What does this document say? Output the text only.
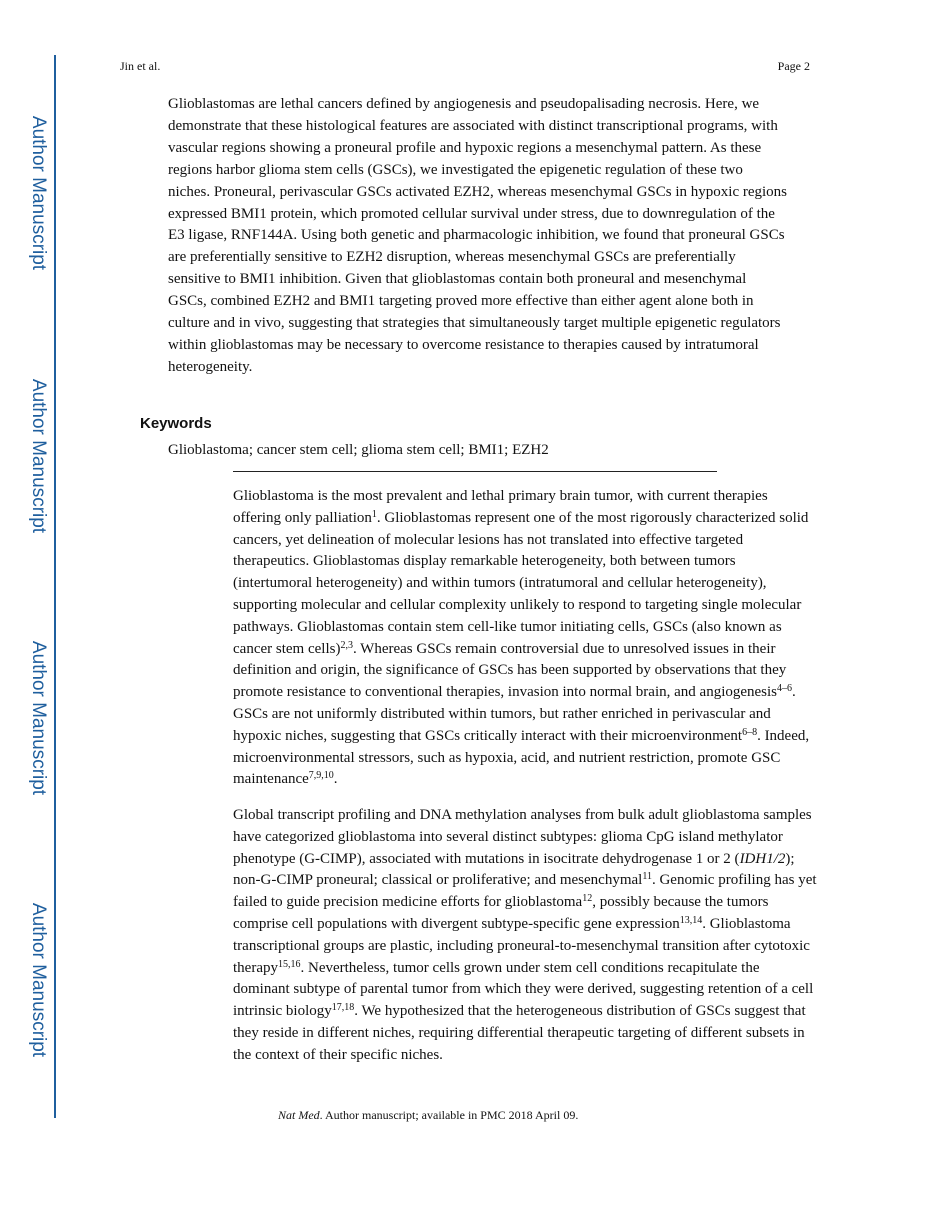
Author Manuscript
Author Manuscript
Author Manuscript
Author Manuscript
Jin et al.	Page 2

Glioblastomas are lethal cancers defined by angiogenesis and pseudopalisading necrosis. Here, we demonstrate that these histological features are associated with distinct transcriptional programs, with vascular regions showing a proneural profile and hypoxic regions a mesenchymal pattern. As these regions harbor glioma stem cells (GSCs), we investigated the epigenetic regulation of these two niches. Proneural, perivascular GSCs activated EZH2, whereas mesenchymal GSCs in hypoxic regions expressed BMI1 protein, which promoted cellular survival under stress, due to downregulation of the E3 ligase, RNF144A. Using both genetic and pharmacologic inhibition, we found that proneural GSCs are preferentially sensitive to EZH2 disruption, whereas mesenchymal GSCs are preferentially sensitive to BMI1 inhibition. Given that glioblastomas contain both proneural and mesenchymal GSCs, combined EZH2 and BMI1 targeting proved more effective than either agent alone both in culture and in vivo, suggesting that strategies that simultaneously target multiple epigenetic regulators within glioblastomas may be necessary to overcome resistance to therapies caused by intratumoral heterogeneity.

Keywords

Glioblastoma; cancer stem cell; glioma stem cell; BMI1; EZH2

Glioblastoma is the most prevalent and lethal primary brain tumor, with current therapies offering only palliation$^1$. Glioblastomas represent one of the most rigorously characterized solid cancers, yet delineation of molecular lesions has not translated into effective targeted therapeutics. Glioblastomas display remarkable heterogeneity, both between tumors (intertumoral heterogeneity) and within tumors (intratumoral and cellular heterogeneity), supporting molecular and cellular complexity unlikely to respond to targeting single molecular pathways. Glioblastomas contain stem cell-like tumor initiating cells, GSCs (also known as cancer stem cells)$^{2,3}$. Whereas GSCs remain controversial due to unresolved issues in their definition and origin, the significance of GSCs has been supported by observations that they promote resistance to conventional therapies, invasion into normal brain, and angiogenesis$^{4-6}$. GSCs are not uniformly distributed within tumors, but rather enriched in perivascular and hypoxic niches, suggesting that GSCs critically interact with their microenvironment$^{6-8}$. Indeed, microenvironmental stressors, such as hypoxia, acid, and nutrient restriction, promote GSC maintenance$^{7,9,10}$.

Global transcript profiling and DNA methylation analyses from bulk adult glioblastoma samples have categorized glioblastoma into several distinct subtypes: glioma CpG island methylator phenotype (G-CIMP), associated with mutations in isocitrate dehydrogenase 1 or 2 (IDH1/2); non-G-CIMP proneural; classical or proliferative; and mesenchymal$^{11}$. Genomic profiling has yet failed to guide precision medicine efforts for glioblastoma$^{12}$, possibly because the tumors comprise cell populations with divergent subtype-specific gene expression$^{13,14}$. Glioblastoma transcriptional groups are plastic, including proneural-to-mesenchymal transition after cytotoxic therapy$^{15,16}$. Nevertheless, tumor cells grown under stem cell conditions recapitulate the dominant subtype of parental tumor from which they were derived, suggesting retention of a cell intrinsic biology$^{17,18}$. We hypothesized that the heterogeneous distribution of GSCs suggest that they reside in different niches, requiring differential therapeutic targeting of different subsets in the context of their specific niches.

Nat Med. Author manuscript; available in PMC 2018 April 09.
